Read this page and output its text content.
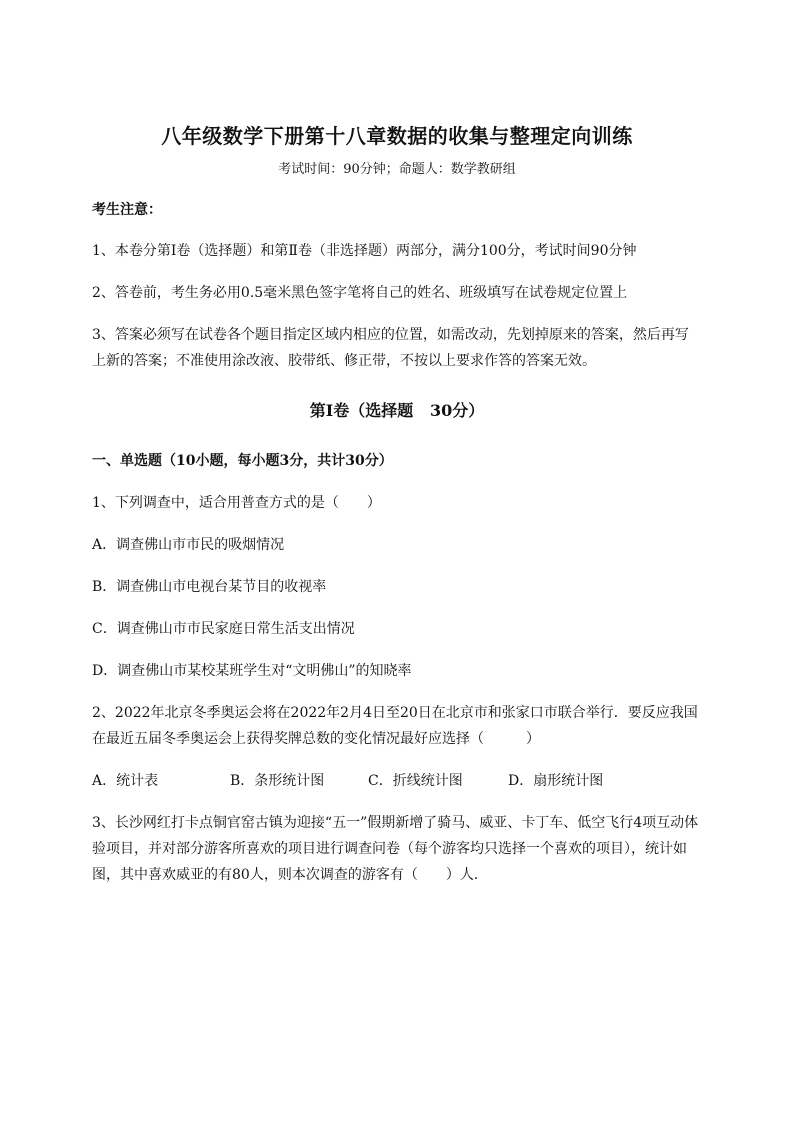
八年级数学下册第十八章数据的收集与整理定向训练

考试时间：90分钟；命题人：数学教研组

考生注意：

1、本卷分第I卷（选择题）和第Ⅱ卷（非选择题）两部分，满分100分，考试时间90分钟

2、答卷前，考生务必用0.5毫米黑色签字笔将自己的姓名、班级填写在试卷规定位置上

3、答案必须写在试卷各个题目指定区域内相应的位置，如需改动，先划掉原来的答案，然后再写上新的答案；不准使用涂改液、胶带纸、修正带，不按以上要求作答的答案无效。

第I卷（选择题   30分）

一、单选题（10小题，每小题3分，共计30分）

1、下列调查中，适合用普查方式的是（　　）

A．调查佛山市市民的吸烟情况

B．调查佛山市电视台某节目的收视率

C．调查佛山市市民家庭日常生活支出情况

D．调查佛山市某校某班学生对“文明佛山”的知晓率

2、2022年北京冬季奥运会将在2022年2月4日至20日在北京市和张家口市联合举行．要反应我国在最近五届冬季奥运会上获得奖牌总数的变化情况最好应选择（　　　）

A．统计表	B．条形统计图	C．折线统计图	D．扇形统计图

3、长沙网红打卡点铜官窑古镇为迎接“五一”假期新增了骑马、威亚、卡丁车、低空飞行4项互动体验项目，并对部分游客所喜欢的项目进行调查问卷（每个游客均只选择一个喜欢的项目），统计如图，其中喜欢威亚的有80人，则本次调查的游客有（　　）人．
